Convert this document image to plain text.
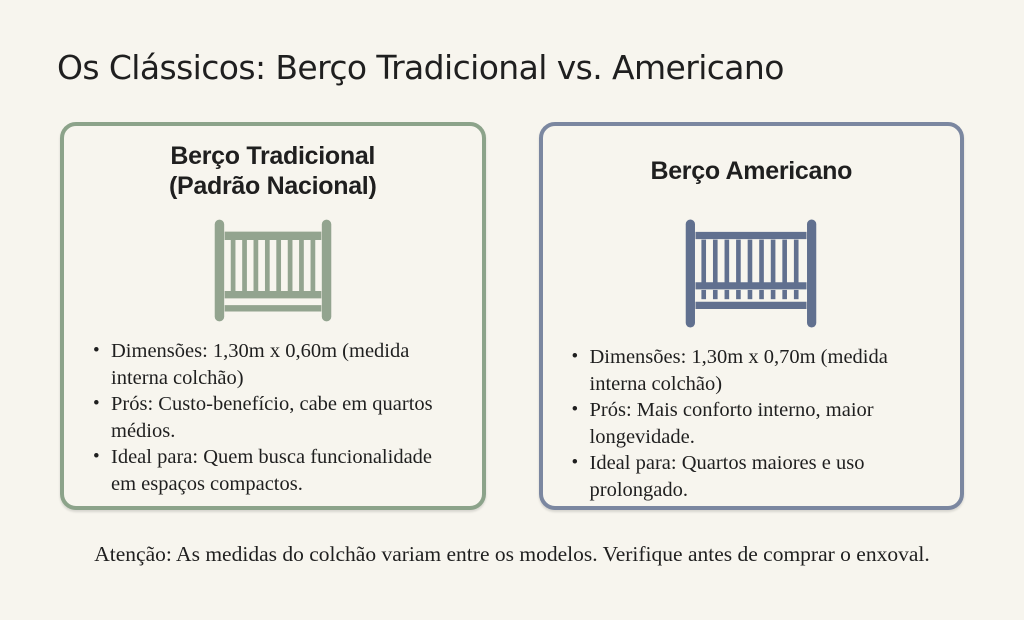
Os Clássicos: Berço Tradicional vs. Americano
Berço Tradicional
(Padrão Nacional)
• Dimensões: 1,30m x 0,60m (medida interna colchão)
• Prós: Custo-benefício, cabe em quartos médios.
• Ideal para: Quem busca funcionalidade em espaços compactos.
Berço Americano
• Dimensões: 1,30m x 0,70m (medida interna colchão)
• Prós: Mais conforto interno, maior longevidade.
• Ideal para: Quartos maiores e uso prolongado.

Atenção: As medidas do colchão variam entre os modelos. Verifique antes de comprar o enxoval.
